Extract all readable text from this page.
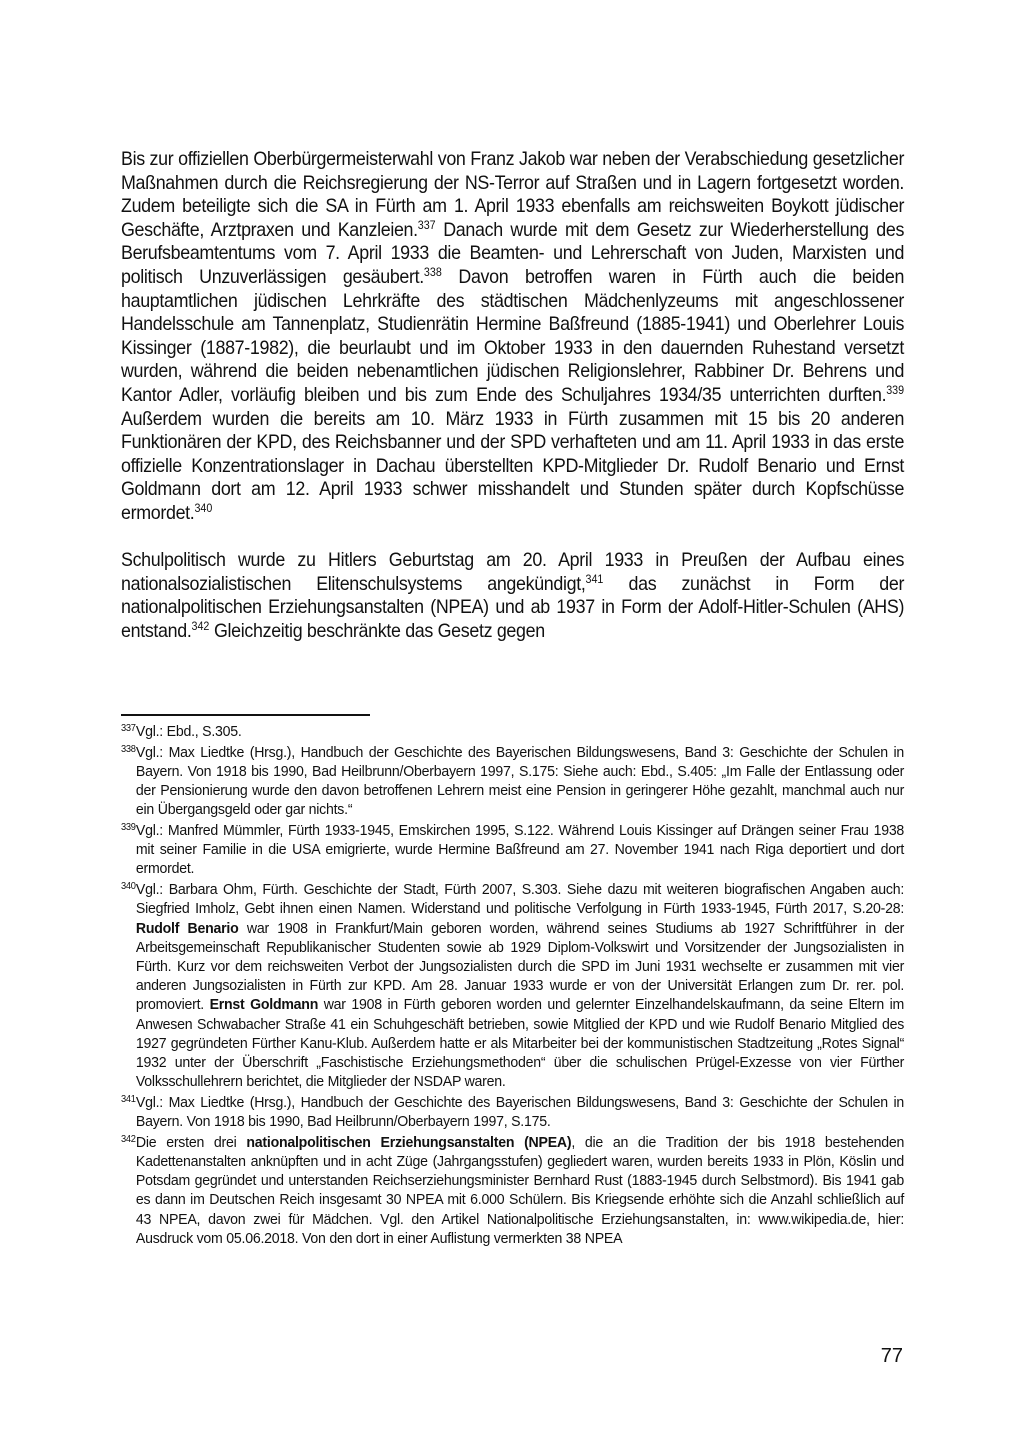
Bis zur offiziellen Oberbürgermeisterwahl von Franz Jakob war neben der Verabschiedung gesetzlicher Maßnahmen durch die Reichsregierung der NS-Terror auf Straßen und in Lagern fortgesetzt worden. Zudem beteiligte sich die SA in Fürth am 1. April 1933 ebenfalls am reichsweiten Boykott jüdischer Geschäfte, Arztpraxen und Kanzleien.$^{337}$ Danach wurde mit dem Gesetz zur Wiederherstellung des Berufsbeamtentums vom 7. April 1933 die Beamten- und Lehrerschaft von Juden, Marxisten und politisch Unzuverlässigen gesäubert.$^{338}$ Davon betroffen waren in Fürth auch die beiden hauptamtlichen jüdischen Lehrkräfte des städtischen Mädchenlyzeums mit angeschlossener Handelsschule am Tannenplatz, Studienrätin Hermine Baßfreund (1885-1941) und Oberlehrer Louis Kissinger (1887-1982), die beurlaubt und im Oktober 1933 in den dauernden Ruhestand versetzt wurden, während die beiden nebenamtlichen jüdischen Religionslehrer, Rabbiner Dr. Behrens und Kantor Adler, vorläufig bleiben und bis zum Ende des Schuljahres 1934/35 unterrichten durften.$^{339}$ Außerdem wurden die bereits am 10. März 1933 in Fürth zusammen mit 15 bis 20 anderen Funktionären der KPD, des Reichsbanner und der SPD verhafteten und am 11. April 1933 in das erste offizielle Konzentrationslager in Dachau überstellten KPD-Mitglieder Dr. Rudolf Benario und Ernst Goldmann dort am 12. April 1933 schwer misshandelt und Stunden später durch Kopfschüsse ermordet.$^{340}$

Schulpolitisch wurde zu Hitlers Geburtstag am 20. April 1933 in Preußen der Aufbau eines nationalsozialistischen Elitenschulsystems angekündigt,$^{341}$ das zunächst in Form der nationalpolitischen Erziehungsanstalten (NPEA) und ab 1937 in Form der Adolf-Hitler-Schulen (AHS) entstand.$^{342}$ Gleichzeitig beschränkte das Gesetz gegen

337 Vgl.: Ebd., S.305.
338 Vgl.: Max Liedtke (Hrsg.), Handbuch der Geschichte des Bayerischen Bildungswesens, Band 3: Geschichte der Schulen in Bayern. Von 1918 bis 1990, Bad Heilbrunn/Oberbayern 1997, S.175: Siehe auch: Ebd., S.405: „Im Falle der Entlassung oder der Pensionierung wurde den davon betroffenen Lehrern meist eine Pension in geringerer Höhe gezahlt, manchmal auch nur ein Übergangsgeld oder gar nichts.“
339 Vgl.: Manfred Mümmler, Fürth 1933-1945, Emskirchen 1995, S.122. Während Louis Kissinger auf Drängen seiner Frau 1938 mit seiner Familie in die USA emigrierte, wurde Hermine Baßfreund am 27. November 1941 nach Riga deportiert und dort ermordet.
340 Vgl.: Barbara Ohm, Fürth. Geschichte der Stadt, Fürth 2007, S.303. Siehe dazu mit weiteren biografischen Angaben auch: Siegfried Imholz, Gebt ihnen einen Namen. Widerstand und politische Verfolgung in Fürth 1933-1945, Fürth 2017, S.20-28: Rudolf Benario war 1908 in Frankfurt/Main geboren worden, während seines Studiums ab 1927 Schriftführer in der Arbeitsgemeinschaft Republikanischer Studenten sowie ab 1929 Diplom-Volkswirt und Vorsitzender der Jungsozialisten in Fürth. Kurz vor dem reichsweiten Verbot der Jungsozialisten durch die SPD im Juni 1931 wechselte er zusammen mit vier anderen Jungsozialisten in Fürth zur KPD. Am 28. Januar 1933 wurde er von der Universität Erlangen zum Dr. rer. pol. promoviert. Ernst Goldmann war 1908 in Fürth geboren worden und gelernter Einzelhandelskaufmann, da seine Eltern im Anwesen Schwabacher Straße 41 ein Schuhgeschäft betrieben, sowie Mitglied der KPD und wie Rudolf Benario Mitglied des 1927 gegründeten Fürther Kanu-Klub. Außerdem hatte er als Mitarbeiter bei der kommunistischen Stadtzeitung „Rotes Signal“ 1932 unter der Überschrift „Faschistische Erziehungsmethoden“ über die schulischen Prügel-Exzesse von vier Fürther Volksschullehrern berichtet, die Mitglieder der NSDAP waren.
341 Vgl.: Max Liedtke (Hrsg.), Handbuch der Geschichte des Bayerischen Bildungswesens, Band 3: Geschichte der Schulen in Bayern. Von 1918 bis 1990, Bad Heilbrunn/Oberbayern 1997, S.175.
342 Die ersten drei nationalpolitischen Erziehungsanstalten (NPEA), die an die Tradition der bis 1918 bestehenden Kadettenanstalten anknüpften und in acht Züge (Jahrgangsstufen) gegliedert waren, wurden bereits 1933 in Plön, Köslin und Potsdam gegründet und unterstanden Reichserziehungsminister Bernhard Rust (1883-1945 durch Selbstmord). Bis 1941 gab es dann im Deutschen Reich insgesamt 30 NPEA mit 6.000 Schülern. Bis Kriegsende erhöhte sich die Anzahl schließlich auf 43 NPEA, davon zwei für Mädchen. Vgl. den Artikel Nationalpolitische Erziehungsanstalten, in: www.wikipedia.de, hier: Ausdruck vom 05.06.2018. Von den dort in einer Auflistung vermerkten 38 NPEA
77
